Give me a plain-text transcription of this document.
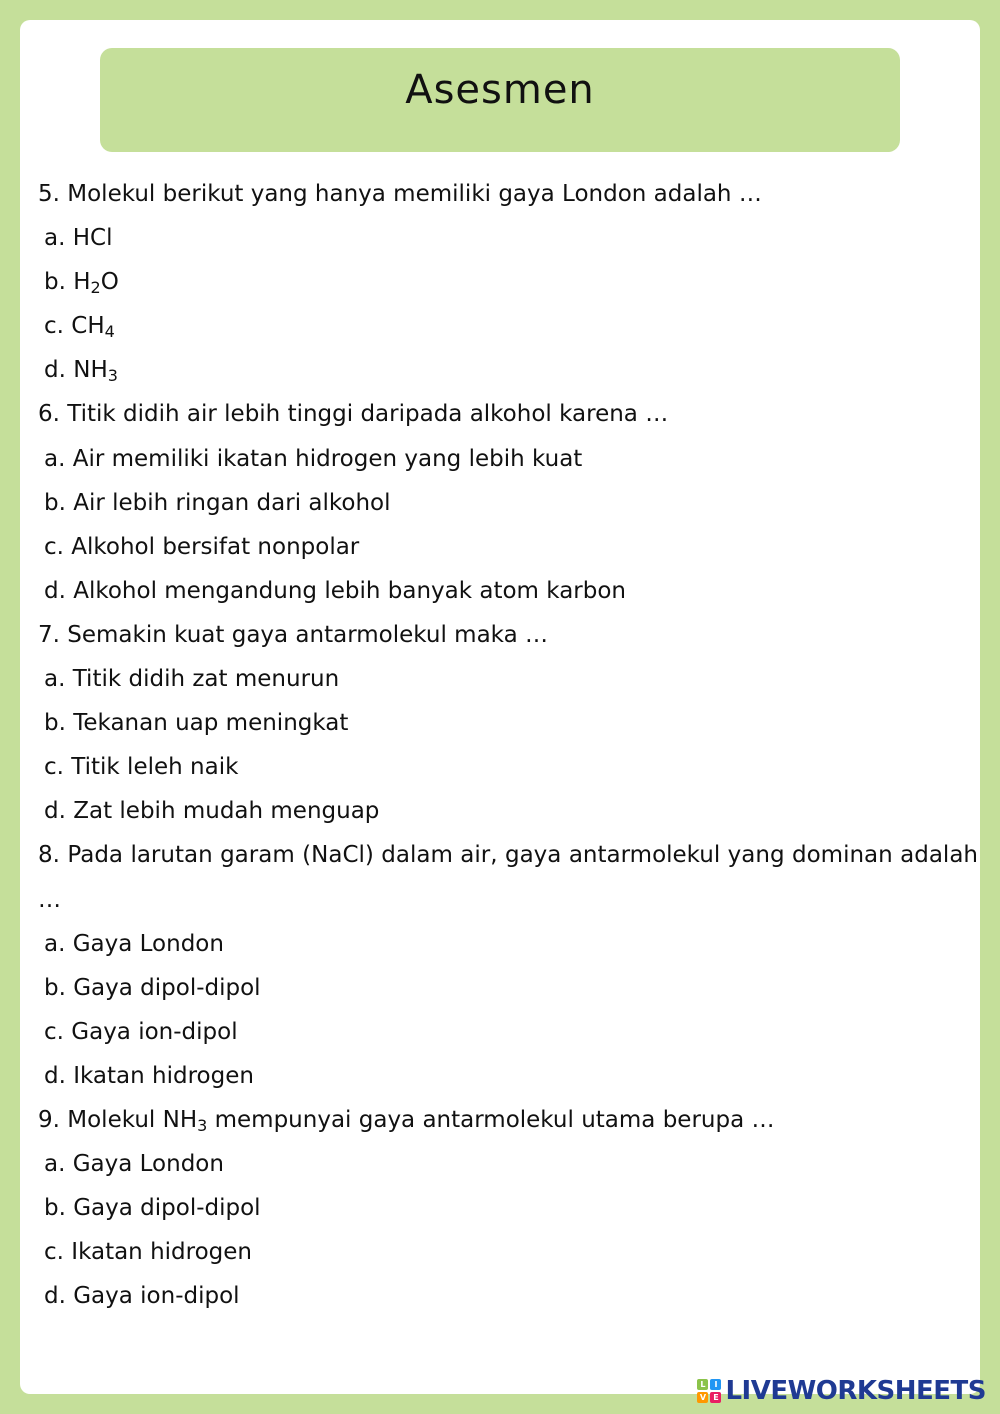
Asesmen
5. Molekul berikut yang hanya memiliki gaya London adalah …
a. HCl
b. $H_2O$
c. $CH_4$
d. $NH_3$
6. Titik didih air lebih tinggi daripada alkohol karena …
a. Air memiliki ikatan hidrogen yang lebih kuat
b. Air lebih ringan dari alkohol
c. Alkohol bersifat nonpolar
d. Alkohol mengandung lebih banyak atom karbon
7. Semakin kuat gaya antarmolekul maka …
a. Titik didih zat menurun
b. Tekanan uap meningkat
c. Titik leleh naik
d. Zat lebih mudah menguap
8. Pada larutan garam (NaCl) dalam air, gaya antarmolekul yang dominan adalah …
a. Gaya London
b. Gaya dipol-dipol
c. Gaya ion-dipol
d. Ikatan hidrogen
9. Molekul $NH_3$ mempunyai gaya antarmolekul utama berupa …
a. Gaya London
b. Gaya dipol-dipol
c. Ikatan hidrogen
d. Gaya ion-dipol
L	I
V E LIVEWORKSHEETS
